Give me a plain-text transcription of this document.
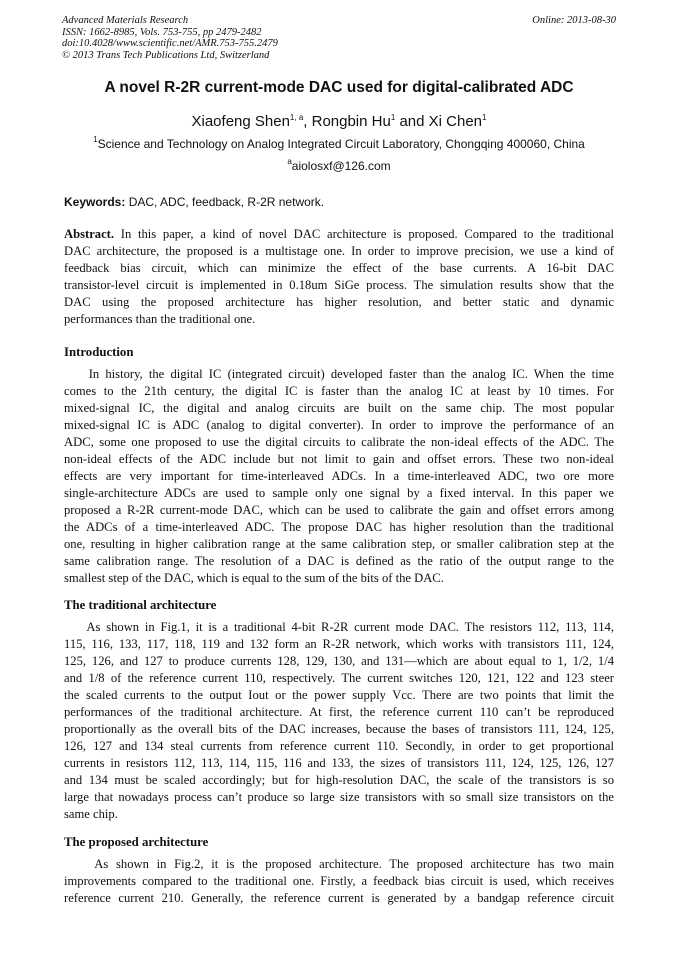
Advanced Materials Research
ISSN: 1662-8985, Vols. 753-755, pp 2479-2482
doi:10.4028/www.scientific.net/AMR.753-755.2479
© 2013 Trans Tech Publications Ltd, Switzerland
Online: 2013-08-30
A novel R-2R current-mode DAC used for digital-calibrated ADC
Xiaofeng Shen$^{1, a}$, Rongbin Hu$^1$ and Xi Chen$^1$
$^1$Science and Technology on Analog Integrated Circuit Laboratory, Chongqing 400060, China
$^a$aiolosxf@126.com
Keywords: DAC, ADC, feedback, R-2R network.
Abstract. In this paper, a kind of novel DAC architecture is proposed. Compared to the traditional
DAC architecture, the proposed is a multistage one. In order to improve precision, we use a kind of
feedback bias circuit, which can minimize the effect of the base currents. A 16-bit DAC
transistor-level circuit is implemented in 0.18um SiGe process. The simulation results show that the
DAC using the proposed architecture has higher resolution, and better static and dynamic
performances than the traditional one.
Introduction
In history, the digital IC (integrated circuit) developed faster than the analog IC. When the time
comes to the 21th century, the digital IC is faster than the analog IC at least by 10 times. For
mixed-signal IC, the digital and analog circuits are built on the same chip. The most popular
mixed-signal IC is ADC (analog to digital converter). In order to improve the performance of an
ADC, some one proposed to use the digital circuits to calibrate the non-ideal effects of the ADC. The
non-ideal effects of the ADC include but not limit to gain and offset errors. These two non-ideal
effects are very important for time-interleaved ADCs. In a time-interleaved ADC, two ore more
single-architecture ADCs are used to sample only one signal by a fixed interval. In this paper we
proposed a R-2R current-mode DAC, which can be used to calibrate the gain and offset errors among
the ADCs of a time-interleaved ADC. The propose DAC has higher resolution than the traditional
one, resulting in higher calibration range at the same calibration step, or smaller calibration step at the
same calibration range. The resolution of a DAC is defined as the ratio of the output range to the
smallest step of the DAC, which is equal to the sum of the bits of the DAC.
The traditional architecture
As shown in Fig.1, it is a traditional 4-bit R-2R current mode DAC. The resistors 112, 113, 114,
115, 116, 133, 117, 118, 119 and 132 form an R-2R network, which works with transistors 111, 124,
125, 126, and 127 to produce currents 128, 129, 130, and 131—which are about equal to 1, 1/2, 1/4
and 1/8 of the reference current 110, respectively. The current switches 120, 121, 122 and 123 steer
the scaled currents to the output Iout or the power supply Vcc. There are two points that limit the
performances of the traditional architecture. At first, the reference current 110 can’t be reproduced
proportionally as the overall bits of the DAC increases, because the bases of transistors 111, 124, 125,
126, 127 and 134 steal currents from reference current 110. Secondly, in order to get proportional
currents in resistors 112, 113, 114, 115, 116 and 133, the sizes of transistors 111, 124, 125, 126, 127
and 134 must be scaled accordingly; but for high-resolution DAC, the scale of the transistors is so
large that nowadays process can’t produce so large size transistors with so small size transistors on the
same chip.
The proposed architecture
As shown in Fig.2, it is the proposed architecture. The proposed architecture has two main
improvements compared to the traditional one. Firstly, a feedback bias circuit is used, which receives
reference current 210. Generally, the reference current is generated by a bandgap reference circuit
